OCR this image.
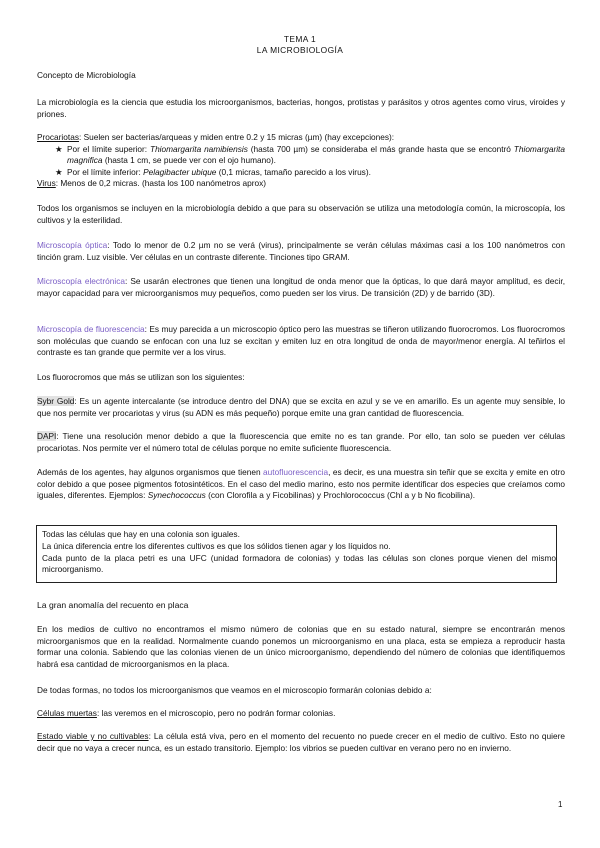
TEMA 1
LA MICROBIOLOGÍA
Concepto de Microbiología

La microbiología es la ciencia que estudia los microorganismos, bacterias, hongos, protistas y parásitos y otros agentes como virus, viroides y priones.

Procariotas: Suelen ser bacterias/arqueas y miden entre 0.2 y 15 micras (µm) (hay excepciones):

★ Por el límite superior: Thiomargarita namibiensis (hasta 700 µm) se consideraba el más grande hasta que se encontró Thiomargarita magnifica (hasta 1 cm, se puede ver con el ojo humano).
★ Por el límite inferior: Pelagibacter ubique (0,1 micras, tamaño parecido a los virus).

Virus: Menos de 0,2 micras. (hasta los 100 nanómetros aprox)

Todos los organismos se incluyen en la microbiología debido a que para su observación se utiliza una metodología común, la microscopía, los cultivos y la esterilidad.

Microscopía óptica: Todo lo menor de 0.2 µm no se verá (virus), principalmente se verán células máximas casi a los 100 nanómetros con tinción gram. Luz visible. Ver células en un contraste diferente. Tinciones tipo GRAM.

Microscopía electrónica: Se usarán electrones que tienen una longitud de onda menor que la ópticas, lo que dará mayor amplitud, es decir, mayor capacidad para ver microorganismos muy pequeños, como pueden ser los virus. De transición (2D) y de barrido (3D).

Microscopía de fluorescencia: Es muy parecida a un microscopio óptico pero las muestras se tiñeron utilizando fluorocromos. Los fluorocromos son moléculas que cuando se enfocan con una luz se excitan y emiten luz en otra longitud de onda de mayor/menor energía. Al teñirlos el contraste es tan grande que permite ver a los virus.

Los fluorocromos que más se utilizan son los siguientes:

Sybr Gold: Es un agente intercalante (se introduce dentro del DNA) que se excita en azul y se ve en amarillo. Es un agente muy sensible, lo que nos permite ver procariotas y virus (su ADN es más pequeño) porque emite una gran cantidad de fluorescencia.

DAPI: Tiene una resolución menor debido a que la fluorescencia que emite no es tan grande. Por ello, tan solo se pueden ver células procariotas. Nos permite ver el número total de células porque no emite suficiente fluorescencia.

Además de los agentes, hay algunos organismos que tienen autofluorescencia, es decir, es una muestra sin teñir que se excita y emite en otro color debido a que posee pigmentos fotosintéticos. En el caso del medio marino, esto nos permite identificar dos especies que creíamos como iguales, diferentes. Ejemplos: Synechococcus (con Clorofila a y Ficobilinas) y Prochlorococcus (Chl a y b No ficobilina).

Todas las células que hay en una colonia son iguales.
La única diferencia entre los diferentes cultivos es que los sólidos tienen agar y los líquidos no.
Cada punto de la placa petri es una UFC (unidad formadora de colonias) y todas las células son clones porque vienen del mismo microorganismo.
La gran anomalía del recuento en placa

En los medios de cultivo no encontramos el mismo número de colonias que en su estado natural, siempre se encontrarán menos microorganismos que en la realidad. Normalmente cuando ponemos un microorganismo en una placa, esta se empieza a reproducir hasta formar una colonia. Sabiendo que las colonias vienen de un único microorganismo, dependiendo del número de colonias que identifiquemos habrá esa cantidad de microorganismos en la placa.

De todas formas, no todos los microorganismos que veamos en el microscopio formarán colonias debido a:

Células muertas: las veremos en el microscopio, pero no podrán formar colonias.

Estado viable y no cultivables: La célula está viva, pero en el momento del recuento no puede crecer en el medio de cultivo. Esto no quiere decir que no vaya a crecer nunca, es un estado transitorio. Ejemplo: los vibrios se pueden cultivar en verano pero no en invierno.

1
